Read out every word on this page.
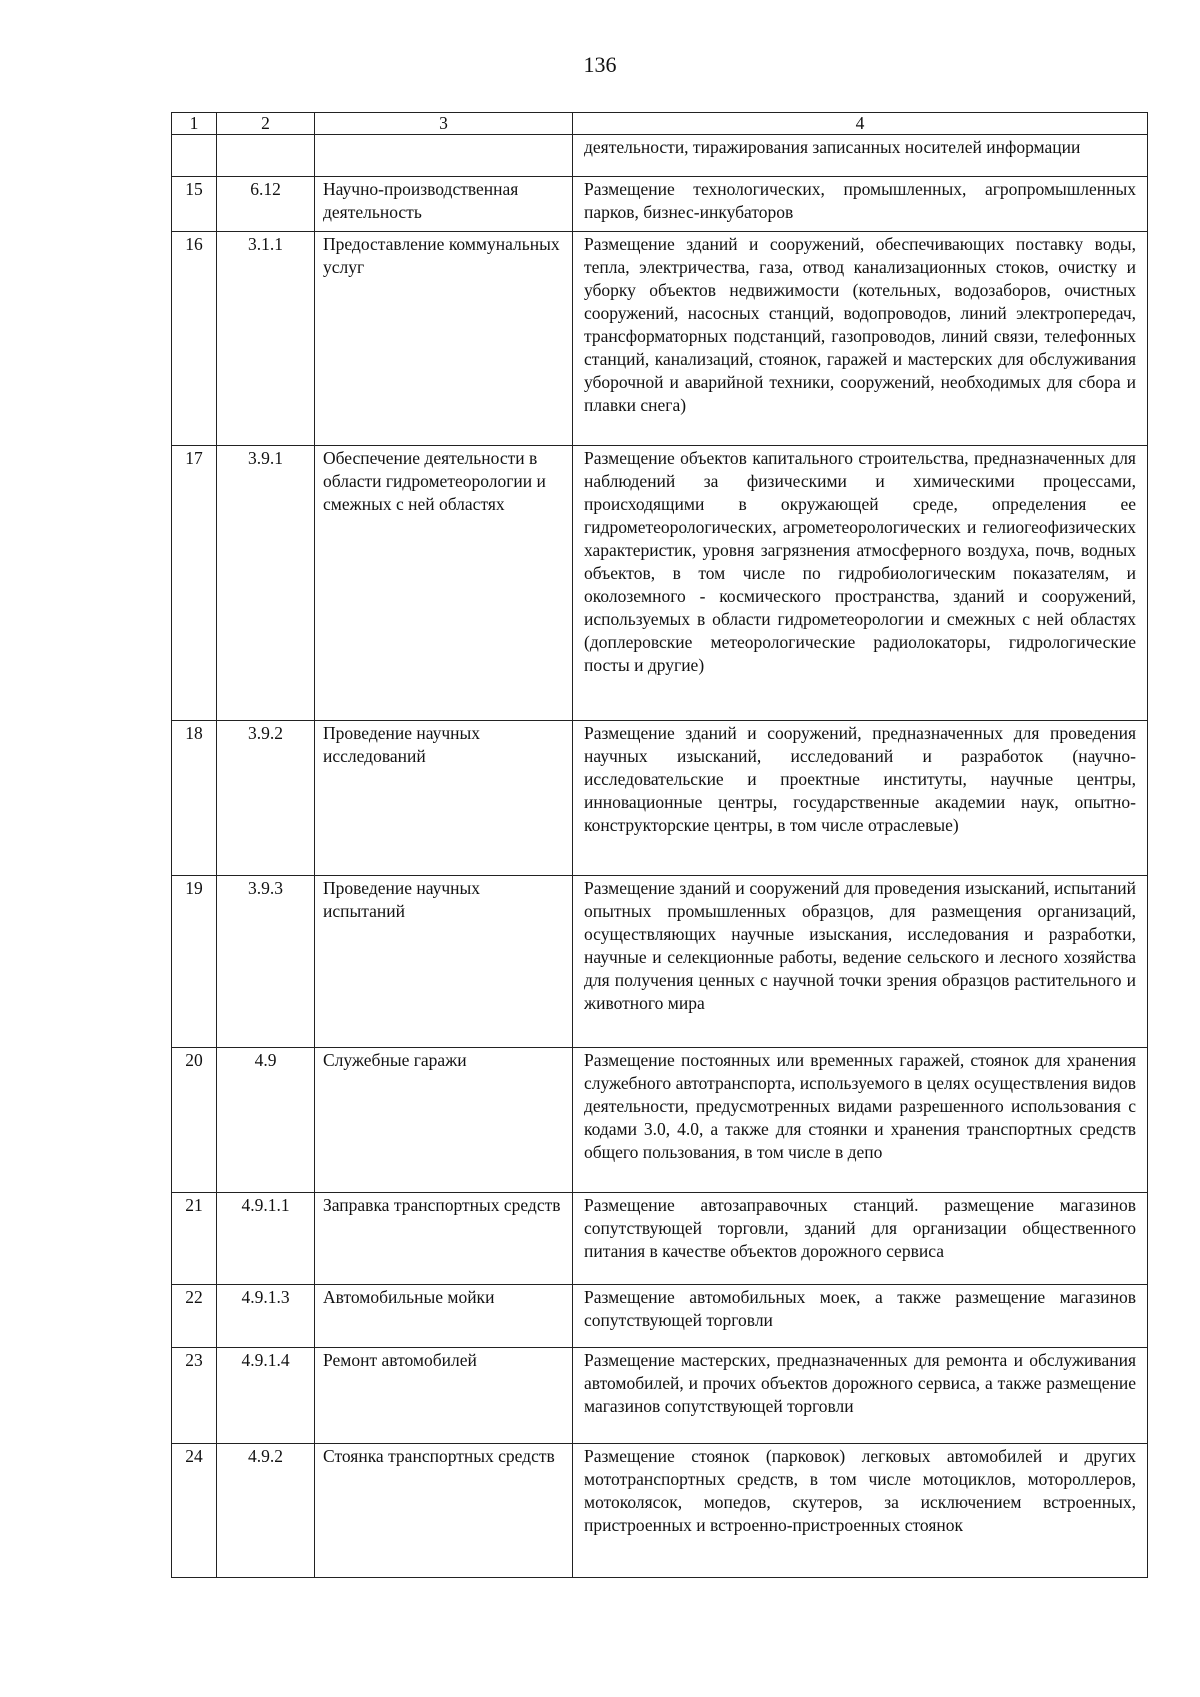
136
1	2	3	4
			деятельности, тиражирования записанных носителей информации
15	6.12	Научно-производственная деятельность	Размещение технологических, промышленных, агропромышленных парков, бизнес-инкубаторов
16	3.1.1	Предоставление коммунальных услуг	Размещение зданий и сооружений, обеспечивающих поставку воды, тепла, электричества, газа, отвод канализационных стоков, очистку и уборку объектов недвижимости (котельных, водозаборов, очистных сооружений, насосных станций, водопроводов, линий электропередач, трансформаторных подстанций, газопроводов, линий связи, телефонных станций, канализаций, стоянок, гаражей и мастерских для обслуживания уборочной и аварийной техники, сооружений, необходимых для сбора и плавки снега)
17	3.9.1	Обеспечение деятельности в области гидрометеорологии и смежных с ней областях	Размещение объектов капитального строительства, предназначенных для наблюдений за физическими и химическими процессами, происходящими в окружающей среде, определения ее гидрометеорологических, агрометеорологических и гелиогеофизических характеристик, уровня загрязнения атмосферного воздуха, почв, водных объектов, в том числе по гидробиологическим показателям, и околоземного - космического пространства, зданий и сооружений, используемых в области гидрометеорологии и смежных с ней областях (доплеровские метеорологические радиолокаторы, гидрологические посты и другие)
18	3.9.2	Проведение научных исследований	Размещение зданий и сооружений, предназначенных для проведения научных изысканий, исследований и разработок (научно-исследовательские и проектные институты, научные центры, инновационные центры, государственные академии наук, опытно-конструкторские центры, в том числе отраслевые)
19	3.9.3	Проведение научных испытаний	Размещение зданий и сооружений для проведения изысканий, испытаний опытных промышленных образцов, для размещения организаций, осуществляющих научные изыскания, исследования и разработки, научные и селекционные работы, ведение сельского и лесного хозяйства для получения ценных с научной точки зрения образцов растительного и животного мира
20	4.9	Служебные гаражи	Размещение постоянных или временных гаражей, стоянок для хранения служебного автотранспорта, используемого в целях осуществления видов деятельности, предусмотренных видами разрешенного использования с кодами 3.0, 4.0, а также для стоянки и хранения транспортных средств общего пользования, в том числе в депо
21	4.9.1.1	Заправка транспортных средств	Размещение автозаправочных станций. размещение магазинов сопутствующей торговли, зданий для организации общественного питания в качестве объектов дорожного сервиса
22	4.9.1.3	Автомобильные мойки	Размещение автомобильных моек, а также размещение магазинов сопутствующей торговли
23	4.9.1.4	Ремонт автомобилей	Размещение мастерских, предназначенных для ремонта и обслуживания автомобилей, и прочих объектов дорожного сервиса, а также размещение магазинов сопутствующей торговли
24	4.9.2	Стоянка транспортных средств	Размещение стоянок (парковок) легковых автомобилей и других мототранспортных средств, в том числе мотоциклов, мотороллеров, мотоколясок, мопедов, скутеров, за исключением встроенных, пристроенных и встроенно-пристроенных стоянок
